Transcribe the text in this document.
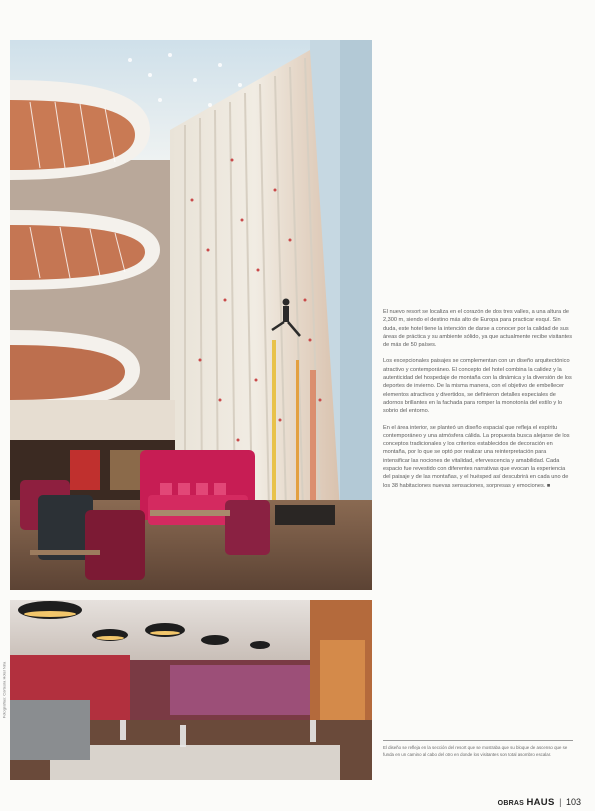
Fotografías: Cortesía Hotel Nira

El nuevo resort se localiza en el corazón de dos tres valles, a una altura de 2,300 m, siendo el destino más alto de Europa para practicar esquí. Sin duda, este hotel tiene la intención de darse a conocer por la calidad de sus áreas de práctica y su ambiente sólido, ya que actualmente recibe visitantes de más de 50 países.

Los excepcionales paisajes se complementan con un diseño arquitectónico atractivo y contemporáneo. El concepto del hotel combina la calidez y la autenticidad del hospedaje de montaña con la dinámica y la diversión de los deportes de invierno. De la misma manera, con el objetivo de embellecer elementos atractivos y divertidos, se definieron detalles especiales de adornos brillantes en la fachada para romper la monotonía del estilo y lo sobrio del entorno.

En el área interior, se planteó un diseño espacial que refleja el espíritu contemporáneo y una atmósfera cálida. La propuesta busca alejarse de los conceptos tradicionales y los criterios establecidos de decoración en montaña, por lo que se optó por realizar una reinterpretación para intensificar las nociones de vitalidad, efervescencia y amabilidad. Cada espacio fue revestido con diferentes narrativas que evocan la experiencia del paisaje y de las montañas, y el huésped así descubrirá en cada uno de los 38 habitaciones nuevas sensaciones, sorpresas y emociones. ■

El diseño se refleja en la sección del resort que se mostraba que su bloque de ascenso que se funda en un camino al cabo del otro en donde los visitantes son total asombro escalar.
OBRAS HAUS | 103
